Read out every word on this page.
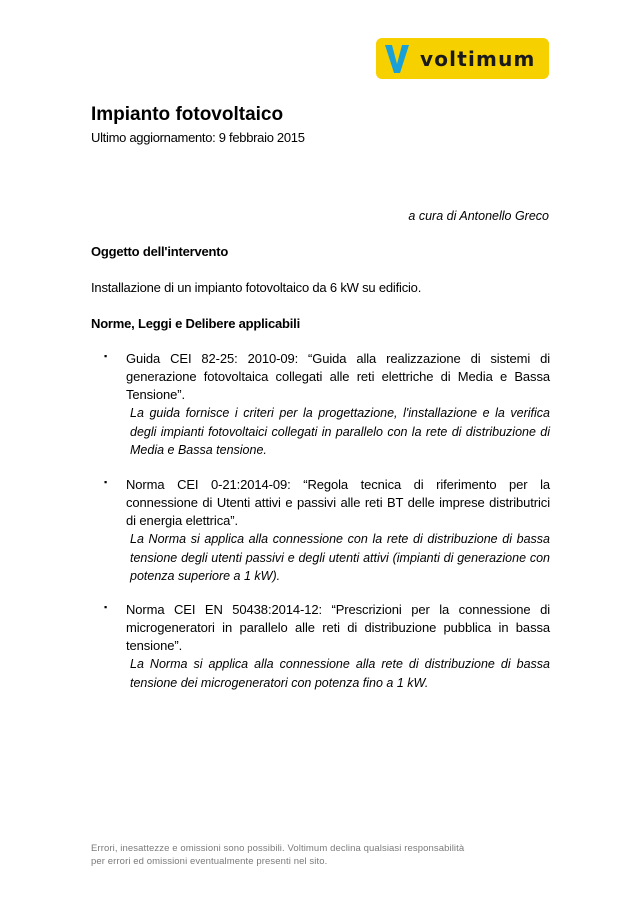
voltimum
Impianto fotovoltaico
Ultimo aggiornamento: 9 febbraio 2015
a cura di Antonello Greco
Oggetto dell'intervento
Installazione di un impianto fotovoltaico da 6 kW su edificio.
Norme, Leggi e Delibere applicabili
▪ Guida CEI 82-25: 2010-09: “Guida alla realizzazione di sistemi di generazione fotovoltaica collegati alle reti elettriche di Media e Bassa Tensione”.
La guida fornisce i criteri per la progettazione, l'installazione e la verifica degli impianti fotovoltaici collegati in parallelo con la rete di distribuzione di Media e Bassa tensione.
▪ Norma CEI 0-21:2014-09: “Regola tecnica di riferimento per la connessione di Utenti attivi e passivi alle reti BT delle imprese distributrici di energia elettrica”.
La Norma si applica alla connessione con la rete di distribuzione di bassa tensione degli utenti passivi e degli utenti attivi (impianti di generazione con potenza superiore a 1 kW).
▪ Norma CEI EN 50438:2014-12: “Prescrizioni per la connessione di microgeneratori in parallelo alle reti di distribuzione pubblica in bassa tensione”.
La Norma si applica alla connessione alla rete di distribuzione di bassa tensione dei microgeneratori con potenza fino a 1 kW.
Errori, inesattezze e omissioni sono possibili. Voltimum declina qualsiasi responsabilità
per errori ed omissioni eventualmente presenti nel sito.
